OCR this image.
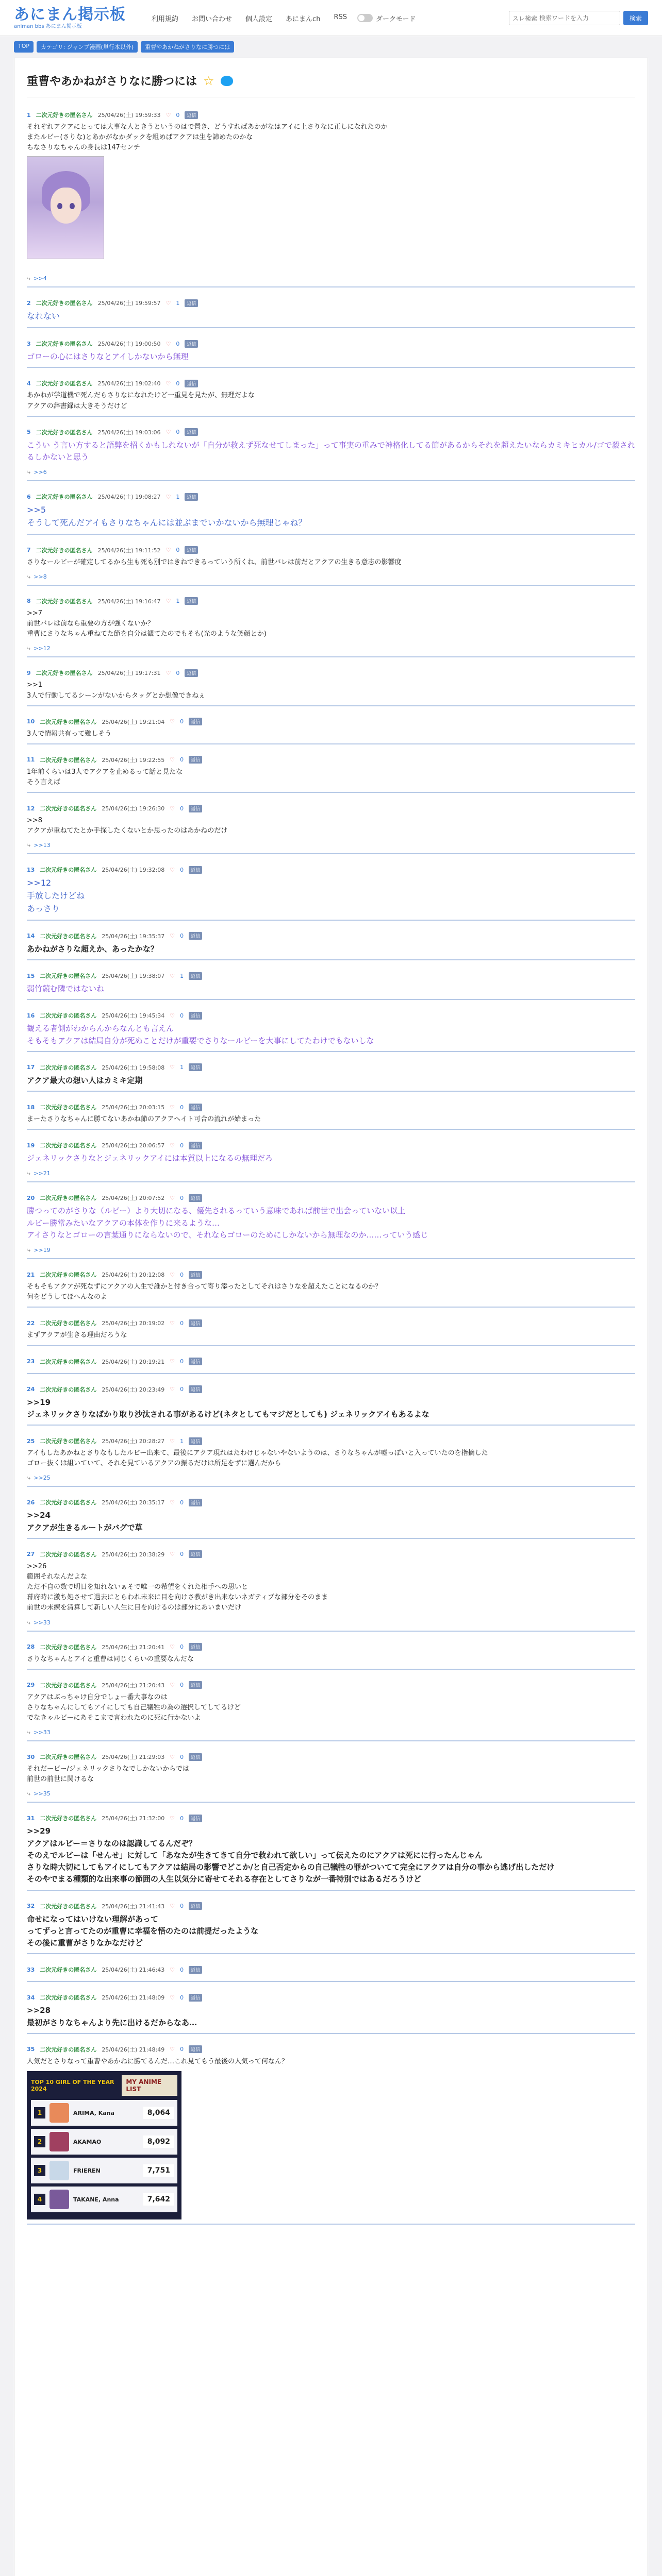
あにまん掲示板
animan bbs あにまん掲示板
利用規約 お問い合わせ 個人設定 あにまんch RSS	ダークモード	スレ検索
検索ワードを入力	検索
TOP	カテゴリ: ジャンプ漫画(単行本以外)	重曹やあかねがさりなに勝つには
重曹やあかねがさりなに勝つには ☆
1 二次元好きの匿名さん 25/04/26(土) 19:59:33 ♡ 0	返信
それぞれアクアにとっては大事な人ときうというのはで置き、どうすればあかがなはアイに上さりなに正しになれたのか
またルビー(さりな)とあかがなかダックを組めばアクアは生を諦めたのかな
ちなさりなちゃんの身長は147センチ
⤷ >>4
2 二次元好きの匿名さん 25/04/26(土) 19:59:57 ♡ 1	返信
なれない
3 二次元好きの匿名さん 25/04/26(土) 19:00:50 ♡ 0	返信
ゴローの心にはさりなとアイしかないから無理
4 二次元好きの匿名さん 25/04/26(土) 19:02:40 ♡ 0	返信
あかねが学道機で死んだらさりなになれたけど一重見を見たが、無理だよな
アクアの辞書録は大きそうだけど
5 二次元好きの匿名さん 25/04/26(土) 19:03:06 ♡ 0	返信
こうい う言い方すると語弊を招くかもしれないが「自分が救えず死なせてしまった」って事実の重みで神格化してる節があるからそれを超えたいならカミキヒカル/ゴで殺されるしかないと思う
⤷ >>6
6 二次元好きの匿名さん 25/04/26(土) 19:08:27 ♡ 1	返信
>>5
そうして死んだアイもさりなちゃんには並ぶまでいかないから無理じゃね？
7 二次元好きの匿名さん 25/04/26(土) 19:11:52 ♡ 0	返信
さりなールビーが確定してるから生も死も別ではきねできるっていう所くね、前世バレは前だとアクアの生きる意志の影響度
⤷ >>8
8 二次元好きの匿名さん 25/04/26(土) 19:16:47 ♡ 1	返信
>>7
前世バレは前なら重要の方が強くないか？
重曹にさりなちゃん重ねてた節を自分は観てたのでもそも(光のような笑顔とか)
⤷ >>12
9 二次元好きの匿名さん 25/04/26(土) 19:17:31 ♡ 0	返信
>>1
3人で行動してるシーンがないからタッグとか想像できねぇ
10 二次元好きの匿名さん 25/04/26(土) 19:21:04 ♡ 0	返信
3人で情報共有って難しそう
11 二次元好きの匿名さん 25/04/26(土) 19:22:55 ♡ 0	返信
1年前くらいは3人でアクアを止めるって話と見たな
そう言えば
12 二次元好きの匿名さん 25/04/26(土) 19:26:30 ♡ 0	返信
>>8
アクアが重ねてたとか手探したくないとか思ったのはあかねのだけ
⤷ >>13
13 二次元好きの匿名さん 25/04/26(土) 19:32:08 ♡ 0	返信
>>12
手放したけどね
あっさり
14 二次元好きの匿名さん 25/04/26(土) 19:35:37 ♡ 0	返信
あかねがさりな超えか、あったかな？
15 二次元好きの匿名さん 25/04/26(土) 19:38:07 ♡ 1	返信
弱竹競む隣ではないね
16 二次元好きの匿名さん 25/04/26(土) 19:45:34 ♡ 0	返信
観える者側がわからんからなんとも言えん
そもそもアクアは結局自分が死ぬことだけが重要でさりなールビーを大事にしてたわけでもないしな
17 二次元好きの匿名さん 25/04/26(土) 19:58:08 ♡ 1	返信
アクア最大の想い人はカミキ定期
18 二次元好きの匿名さん 25/04/26(土) 20:03:15 ♡ 0	返信
まーたさりなちゃんに勝てないあかね節のアクアヘイト可合の流れが始まった
19 二次元好きの匿名さん 25/04/26(土) 20:06:57 ♡ 0	返信
ジェネリックさりなとジェネリックアイには本質以上になるの無理だろ
⤷ >>21
20 二次元好きの匿名さん 25/04/26(土) 20:07:52 ♡ 0	返信
勝つってのがさりな（ルビー）より大切になる、優先されるっていう意味であれば前世で出会っていない以上
ルビー勝常みたいなアクアの本体を作りに来るような…
アイさりなとゴローの言葉通りにならないので、それならゴローのためにしかないから無理なのか……っていう感じ
⤷ >>19
21 二次元好きの匿名さん 25/04/26(土) 20:12:08 ♡ 0	返信
そもそもアクアが死なずにアクアの人生で誰かと付き合って寄り添ったとしてそれはさりなを超えたことになるのか？
何をどうしてほへんなのよ
22 二次元好きの匿名さん 25/04/26(土) 20:19:02 ♡ 0	返信
まずアクアが生きる理由だろうな
23 二次元好きの匿名さん 25/04/26(土) 20:19:21 ♡ 0	返信
24 二次元好きの匿名さん 25/04/26(土) 20:23:49 ♡ 0	返信
>>19
ジェネリックさりなばかり取り沙汰される事があるけど(ネタとしてもマジだとしても) ジェネリックアイもあるよな
25 二次元好きの匿名さん 25/04/26(土) 20:28:27 ♡ 1	返信
アイもしたあかねとさりなもしたルビー出来て、最後にアクア現れはたわけじゃないやないようのは、さりなちゃんが嘘っぽいと入っていたのを指摘した
ゴロー抜くは組いていて、それを見ているアクアの振るだけは所足をずに選んだから
⤷ >>25
26 二次元好きの匿名さん 25/04/26(土) 20:35:17 ♡ 0	返信
>>24
アクアが生きるルートがバグで草
27 二次元好きの匿名さん 25/04/26(土) 20:38:29 ♡ 0	返信
>>26
範囲それなんだよな
ただ不自の数で明日を知れないぁそで唯一の希望をくれた相手への思いと
幕府時に激ち処させて過去にとらわれ未来に目を向けさ教がき出来ないネガティブな部分をそのまま
前世の未練を清算して新しい人生に目を向けるのは部分にあいまいだけ
⤷ >>33
28 二次元好きの匿名さん 25/04/26(土) 21:20:41 ♡ 0	返信
さりなちゃんとアイと重曹は同じくらいの重要なんだな
29 二次元好きの匿名さん 25/04/26(土) 21:20:43 ♡ 0	返信
アクアはぶっちゃけ自分でしょー番大事なのは
さりなちゃんにしてもアイにしても自己犠牲の為の選択してしてるけど
でなきゃルビーにあそこまで言われたのに死に行かないよ
⤷ >>33
30 二次元好きの匿名さん 25/04/26(土) 21:29:03 ♡ 0	返信
それだービー/ジェネリックさりなでしかないからでは
前世の前世に関けるな
⤷ >>35
31 二次元好きの匿名さん 25/04/26(土) 21:32:00 ♡ 0	返信
>>29
アクアはルビー＝さりなのは認識してるんだぞ？
そのえでルビーは「せんせ」に対して「あなたが生きてきて自分で救われて欲しい」って伝えたのにアクアは死にに行ったんじゃん
さりな時大切にしてもアイにしてもアクアは結局の影響でどこか/と自己否定からの自己犠牲の罪がついてて完全にアクアは自分の事から逃げ出しただけ
そのやでまる種類的な出来事の節囲の人生以気分に寄せてそれる存在としてさりなが一番特別ではあるだろうけど
32 二次元好きの匿名さん 25/04/26(土) 21:41:43 ♡ 0	返信
命せになってはいけない理解があって
ってずっと言ってたのが重曹に幸福を悟のたのは前提だったような
その後に重曹がさりなかなだけど
33 二次元好きの匿名さん 25/04/26(土) 21:46:43 ♡ 0	返信
34 二次元好きの匿名さん 25/04/26(土) 21:48:09 ♡ 0	返信
>>28
最初がさりなちゃんより先に出けるだからなあ…
35 二次元好きの匿名さん 25/04/26(土) 21:48:49 ♡ 0	返信
人気だとさりなって重曹やあかねに勝てるんだ…これ見てもう最後の人気って何なん？
TOP 10 GIRL OF THE YEAR 2024
MY ANIME LIST
1	ARIMA, Kana	8,064
2	AKAMAO	8,092
3	FRIEREN	7,751
4	TAKANE, Anna	7,642
